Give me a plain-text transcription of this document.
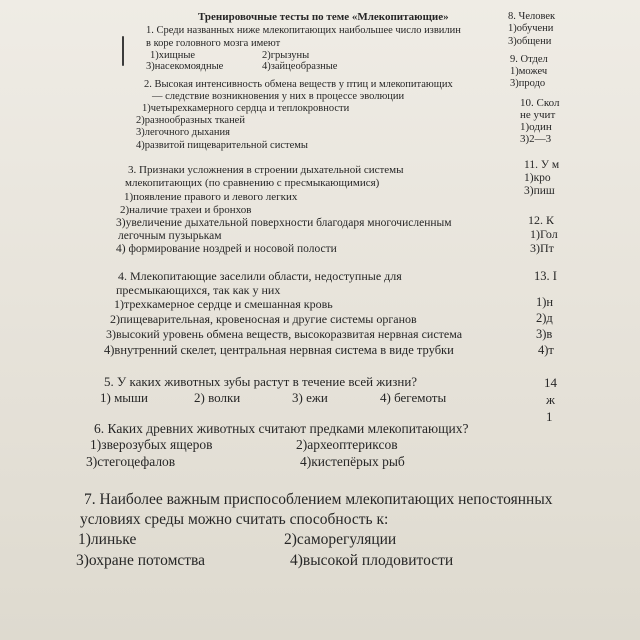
Тренировочные тесты по теме «Млекопитающие»
1. Среди названных ниже млекопитающих наибольшее число извилин
в коре головного мозга имеют
1)хищные	2)грызуны
3)насекомоядные	4)зайцеобразные
2. Высокая интенсивность обмена веществ у птиц и млекопитающих
— следствие возникновения у них в процессе эволюции
1)четырехкамерного сердца и теплокровности
2)разнообразных тканей
3)легочного дыхания
4)развитой пищеварительной системы
3. Признаки усложнения в строении дыхательной системы
млекопитающих (по сравнению с пресмыкающимися)
1)появление правого и левого легких
2)наличие трахеи и бронхов
3)увеличение дыхательной поверхности благодаря многочисленным
легочным пузырькам
4) формирование ноздрей и носовой полости
4. Млекопитающие заселили области, недоступные для
пресмыкающихся, так как у них
1)трехкамерное сердце и смешанная кровь
2)пищеварительная, кровеносная и другие системы органов
3)высокий уровень обмена веществ, высокоразвитая нервная система
4)внутренний скелет, центральная нервная система в виде трубки
5. У каких животных зубы растут в течение всей жизни?
1) мыши	2) волки	3) ежи	4) бегемоты
6. Каких древних животных считают предками млекопитающих?
1)зверозубых ящеров	2)археоптериксов
3)стегоцефалов	4)кистепёрых рыб
7. Наиболее важным приспособлением млекопитающих непостоянных
условиях среды можно считать способность к:
1)линьке	2)саморегуляции
3)охране потомства	4)высокой плодовитости
8. Человек
1)обучени
3)общени
9. Отдел
1)можеч
3)продо
10. Скол
не учит
1)один
3)2—3
11. У м
1)кро
3)пиш
12. К
1)Гол
3)Пт
13. I
1)н
2)д
3)в
4)т
14
ж
1
